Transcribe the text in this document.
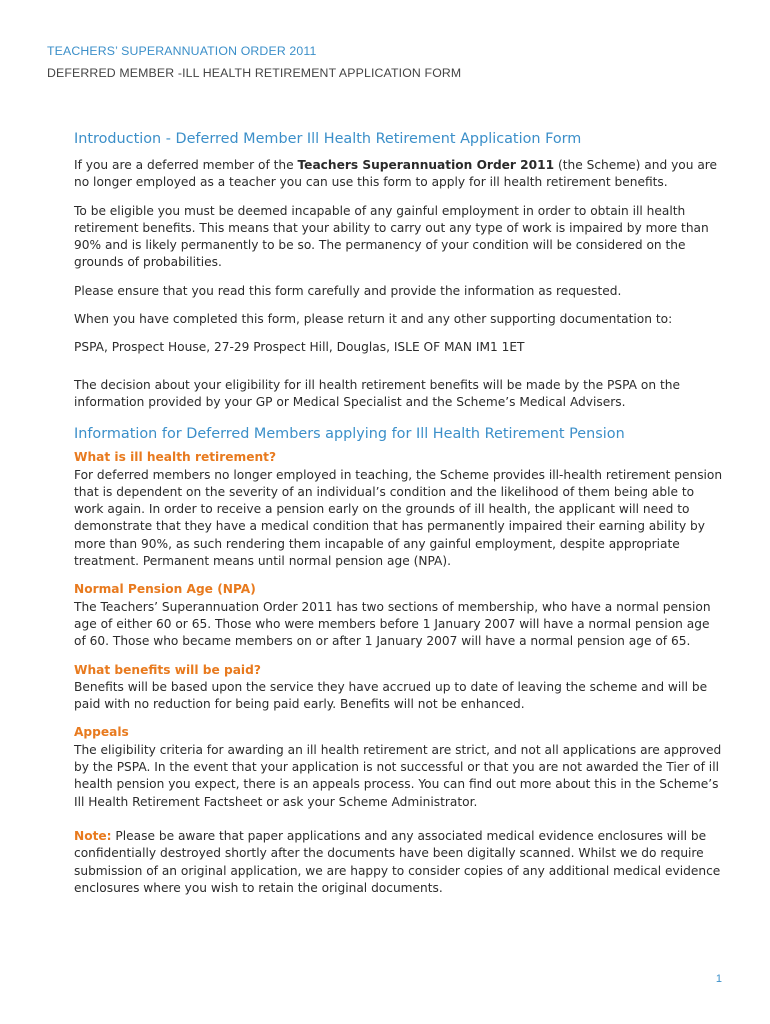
TEACHERS’ SUPERANNUATION ORDER 2011
DEFERRED MEMBER -ILL HEALTH RETIREMENT APPLICATION FORM
Introduction - Deferred Member Ill Health Retirement Application Form

If you are a deferred member of the Teachers Superannuation Order 2011 (the Scheme) and you are no longer employed as a teacher you can use this form to apply for ill health retirement benefits.

To be eligible you must be deemed incapable of any gainful employment in order to obtain ill health retirement benefits. This means that your ability to carry out any type of work is impaired by more than 90% and is likely permanently to be so. The permanency of your condition will be considered on the grounds of probabilities.

Please ensure that you read this form carefully and provide the information as requested.

When you have completed this form, please return it and any other supporting documentation to:

PSPA, Prospect House, 27-29 Prospect Hill, Douglas, ISLE OF MAN IM1 1ET

The decision about your eligibility for ill health retirement benefits will be made by the PSPA on the information provided by your GP or Medical Specialist and the Scheme’s Medical Advisers.

Information for Deferred Members applying for Ill Health Retirement Pension
What is ill health retirement?

For deferred members no longer employed in teaching, the Scheme provides ill-health retirement pension that is dependent on the severity of an individual’s condition and the likelihood of them being able to work again. In order to receive a pension early on the grounds of ill health, the applicant will need to demonstrate that they have a medical condition that has permanently impaired their earning ability by more than 90%, as such rendering them incapable of any gainful employment, despite appropriate treatment. Permanent means until normal pension age (NPA).

Normal Pension Age (NPA)

The Teachers’ Superannuation Order 2011 has two sections of membership, who have a normal pension age of either 60 or 65. Those who were members before 1 January 2007 will have a normal pension age of 60. Those who became members on or after 1 January 2007 will have a normal pension age of 65.

What benefits will be paid?

Benefits will be based upon the service they have accrued up to date of leaving the scheme and will be paid with no reduction for being paid early. Benefits will not be enhanced.

Appeals

The eligibility criteria for awarding an ill health retirement are strict, and not all applications are approved by the PSPA. In the event that your application is not successful or that you are not awarded the Tier of ill health pension you expect, there is an appeals process. You can find out more about this in the Scheme’s Ill Health Retirement Factsheet or ask your Scheme Administrator.

Note: Please be aware that paper applications and any associated medical evidence enclosures will be confidentially destroyed shortly after the documents have been digitally scanned. Whilst we do require submission of an original application, we are happy to consider copies of any additional medical evidence enclosures where you wish to retain the original documents.

1
